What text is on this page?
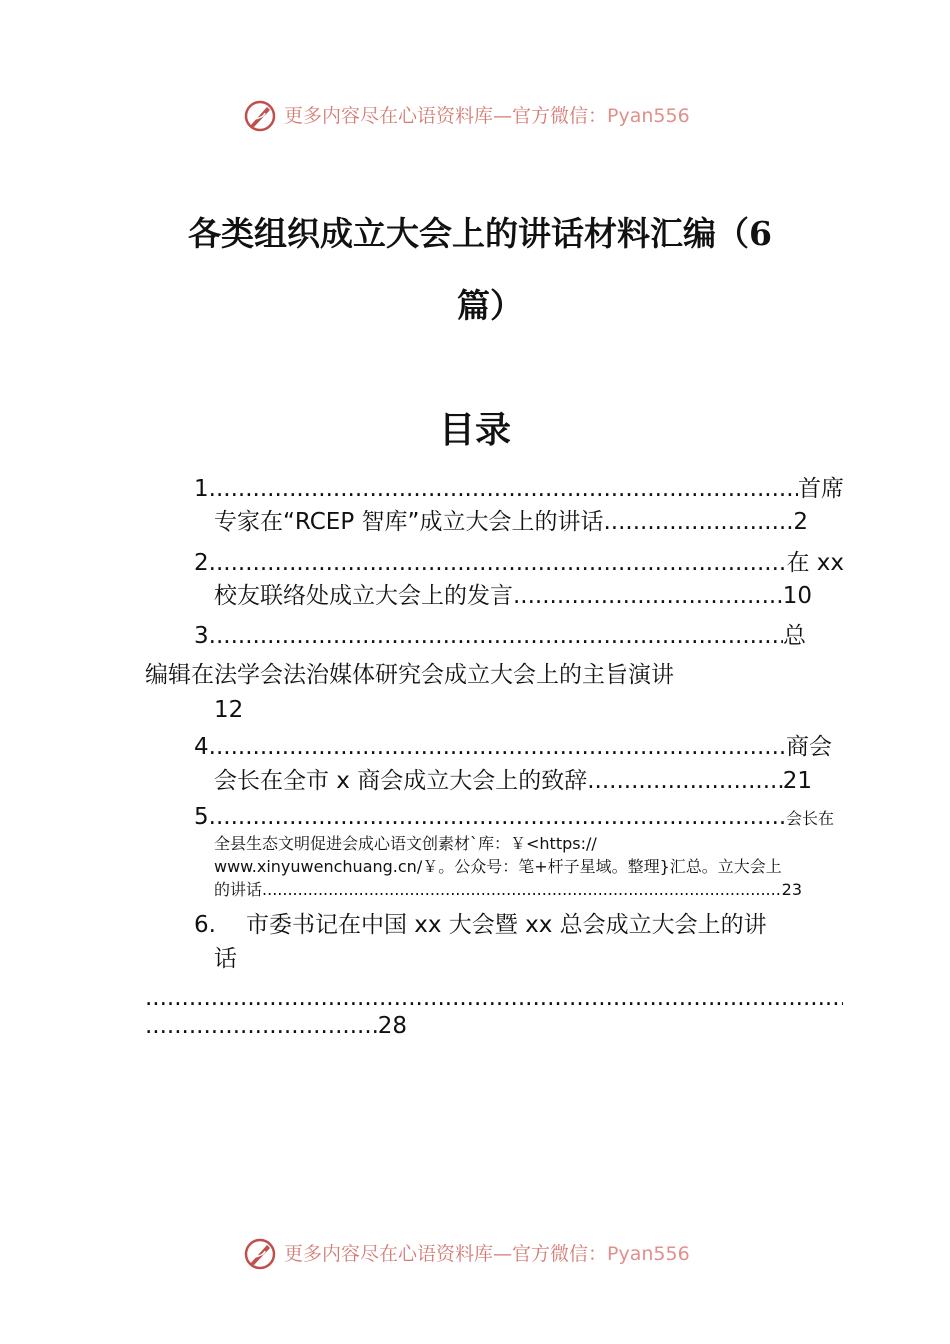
更多内容尽在心语资料库—官方微信：Pyan556
各类组织成立大会上的讲话材料汇编（6
篇）
目录
1. .....	首席
专家在“RCEP 智库”成立大会上的讲话 .....	2
2. .....	在 xx
校友联络处成立大会上的发言 .....	10
3. .....	总
编辑在法学会法治媒体研究会成立大会上的主旨演讲
12
4. .....	商会
会长在全市 x 商会成立大会上的致辞 .....	21
5. .....	会长在
全县生态文明促进会成心语文创素材`库：￥<https://
www.xinyuwenchuang.cn/￥。公众号：笔+杆子星域。整理}汇总。立大会上
的讲话 .....	23
6. 市委书记在中国 xx 大会暨 xx 总会成立大会上的讲
话
.....
.....
28
更多内容尽在心语资料库—官方微信：Pyan556
